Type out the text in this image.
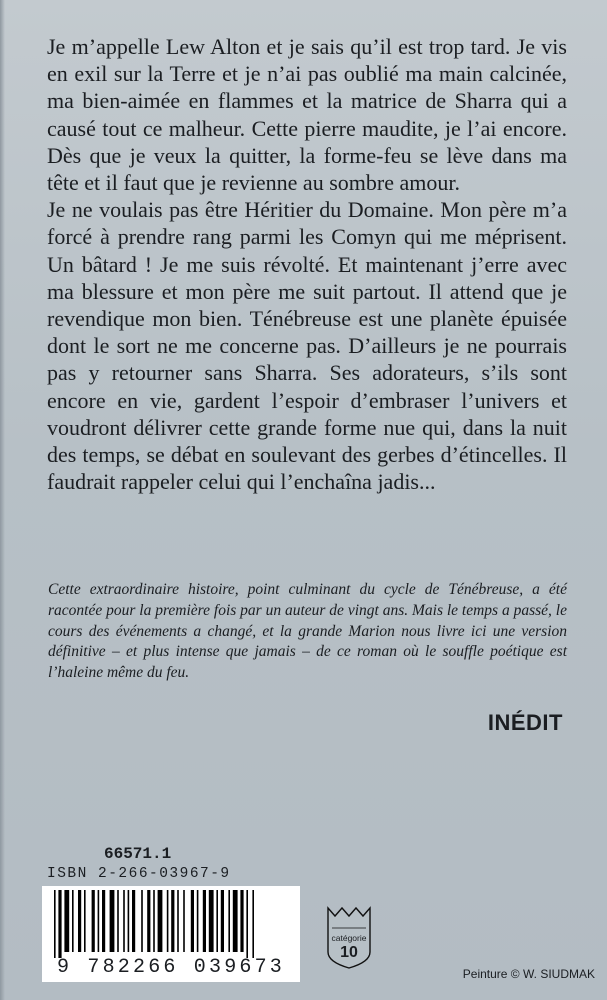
Je m’appelle Lew Alton et je sais qu’il est trop tard. Je vis en exil sur la Terre et je n’ai pas oublié ma main calcinée, ma bien-aimée en flammes et la matrice de Sharra qui a causé tout ce malheur. Cette pierre maudite, je l’ai encore. Dès que je veux la quitter, la forme-feu se lève dans ma tête et il faut que je revienne au sombre amour.

Je ne voulais pas être Héritier du Domaine. Mon père m’a forcé à prendre rang parmi les Comyn qui me méprisent. Un bâtard ! Je me suis révolté. Et maintenant j’erre avec ma blessure et mon père me suit partout. Il attend que je revendique mon bien. Ténébreuse est une planète épuisée dont le sort ne me concerne pas. D’ailleurs je ne pourrais pas y retourner sans Sharra. Ses adorateurs, s’ils sont encore en vie, gardent l’espoir d’embraser l’univers et voudront délivrer cette grande forme nue qui, dans la nuit des temps, se débat en soulevant des gerbes d’étincelles. Il faudrait rappeler celui qui l’enchaîna jadis...

Cette extraordinaire histoire, point culminant du cycle de Ténébreuse, a été racontée pour la première fois par un auteur de vingt ans. Mais le temps a passé, le cours des événements a changé, et la grande Marion nous livre ici une version définitive – et plus intense que jamais – de ce roman où le souffle poétique est l’haleine même du feu.
INÉDIT
66571.1
ISBN 2-266-03967-9
9 782266 039673
catégorie
10
Peinture © W. SIUDMAK
